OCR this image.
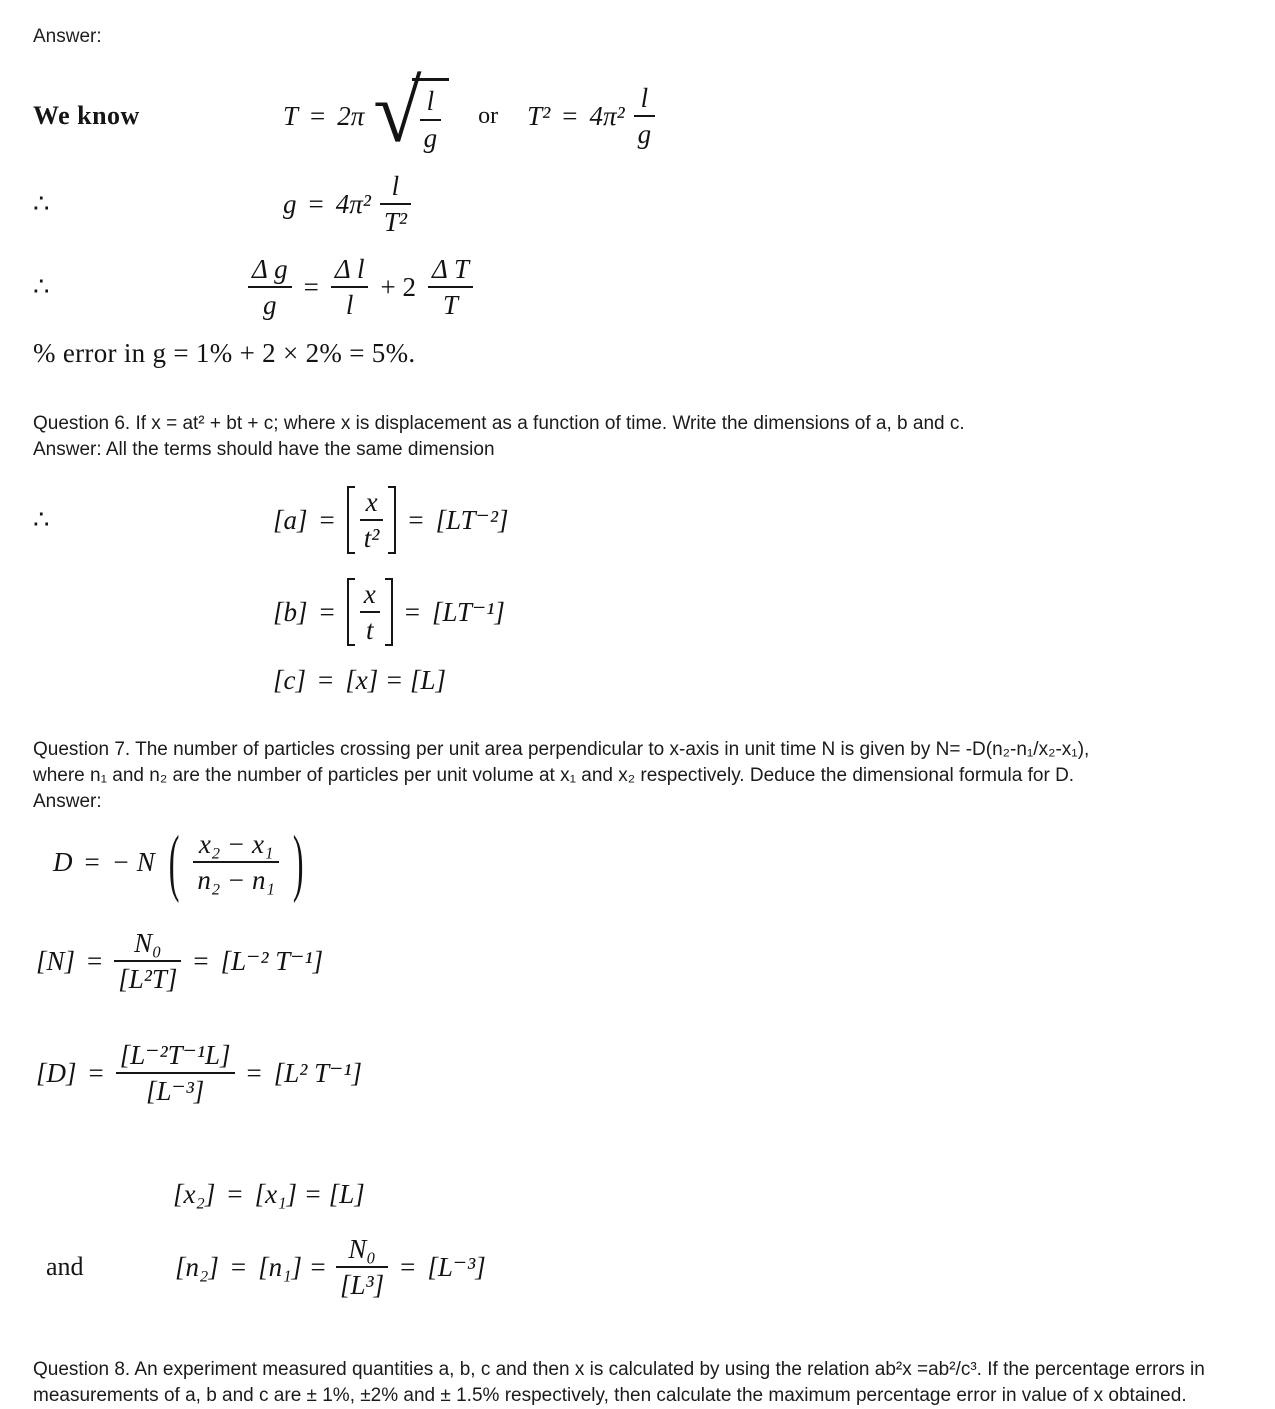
Answer:

We know	T = 2π √
$\frac{l}{g}$ or $T^2 = 4\pi^2 \frac{l}{g}$
∴	$g = 4\pi^2 \frac{l}{\text{T²}}$
∴	$\frac{\text{Δ g}}{g} = \frac{\text{Δ l}}{l} + 2 \frac{\text{Δ T}}{T}$

% error in g = 1% + 2 × 2% = 5%.

Question 6. If x = at² + bt + c; where x is displacement as a function of time. Write the dimensions of a, b and c.
Answer: All the terms should have the same dimension
∴	$[a] = \frac{x}{\text{t²}} = [LT^{-2}]$
$[b] = \frac{x}{t} = [LT^{-1}]$
[c] = [x] = [L]
Question 7. The number of particles crossing per unit area perpendicular to x-axis in unit time N is given by N= -D(n₂-n₁/x₂-x₁),
where n₁ and n₂ are the number of particles per unit volume at x₁ and x₂ respectively. Deduce the dimensional formula for D.
Answer:
D = − N ( $\frac{\text{x₂ − x₁}}{\text{n₂ − n₁}}$ )
$[N] = \frac{\text{N₀}}{\text{[L²T]}} = [L^{-2}$ T⁻¹]
$[D] = \frac{\text{[L⁻²T⁻¹L]}}{\text{[L⁻³]}} = [L^2$ T⁻¹]
[x₂] = [x₁] = [L]
and	$[n_2] = [n_1] = \frac{\text{N₀}}{\text{[L³]}} = [L^{-3}]$
Question 8. An experiment measured quantities a, b, c and then x is calculated by using the relation ab²x =ab²/c³. If the percentage errors in measurements of a, b and c are ± 1%, ±2% and ± 1.5% respectively, then calculate the maximum percentage error in value of x obtained.
